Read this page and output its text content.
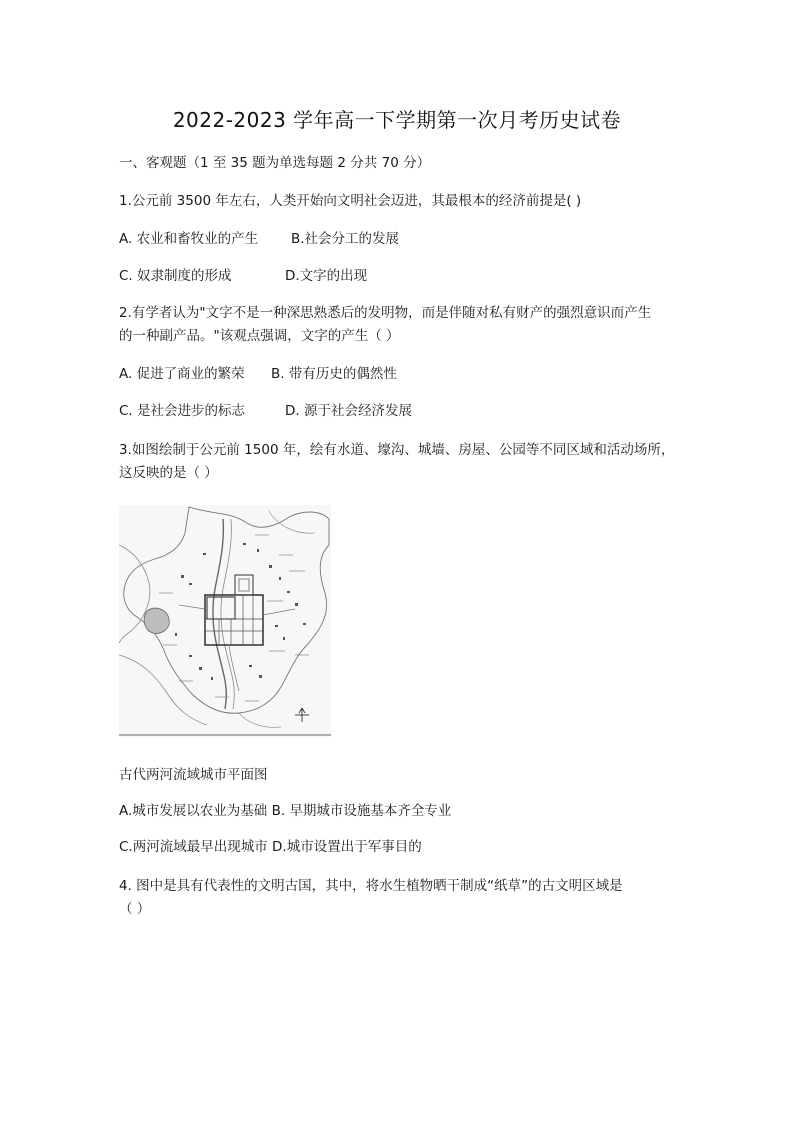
2022-2023 学年高一下学期第一次月考历史试卷
一、客观题（1 至 35 题为单选每题 2 分共 70 分）
1.公元前 3500 年左右，人类开始向文明社会迈进，其最根本的经济前提是( )
A. 农业和畜牧业的产生 B.社会分工的发展
C. 奴隶制度的形成	D.文字的出现
2.有学者认为"文字不是一种深思熟悉后的发明物，而是伴随对私有财产的强烈意识而产生
的一种副产品。"该观点强调，文字的产生（ ）
A. 促进了商业的繁荣 B. 带有历史的偶然性
C. 是社会进步的标志	D. 源于社会经济发展
3.如图绘制于公元前 1500 年，绘有水道、壕沟、城墙、房屋、公园等不同区域和活动场所，
这反映的是（ ）
古代两河流域城市平面图
A.城市发展以农业为基础 B. 早期城市设施基本齐全专业
C.两河流域最早出现城市 D.城市设置出于军事目的
4. 图中是具有代表性的文明古国，其中，将水生植物晒干制成“纸草”的古文明区域是
（ ）
